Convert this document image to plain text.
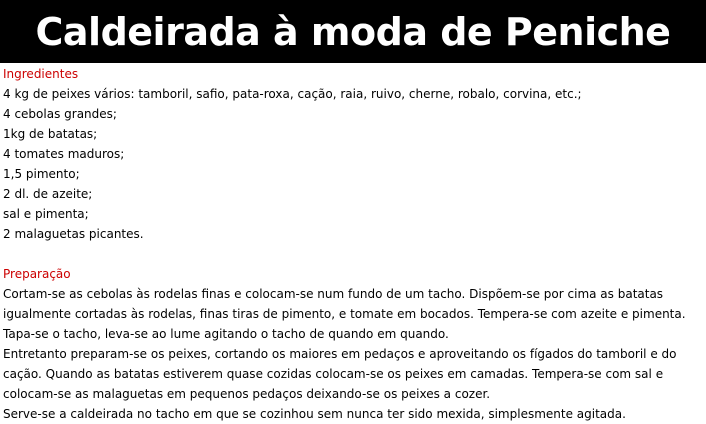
Caldeirada à moda de Peniche
Ingredientes
4 kg de peixes vários: tamboril, safio, pata-roxa, cação, raia, ruivo, cherne, robalo, corvina, etc.;
4 cebolas grandes;
1kg de batatas;
4 tomates maduros;
1,5 pimento;
2 dl. de azeite;
sal e pimenta;
2 malaguetas picantes.
Preparação
Cortam-se as cebolas às rodelas finas e colocam-se num fundo de um tacho. Dispõem-se por cima as batatas
igualmente cortadas às rodelas, finas tiras de pimento, e tomate em bocados. Tempera-se com azeite e pimenta.
Tapa-se o tacho, leva-se ao lume agitando o tacho de quando em quando.
Entretanto preparam-se os peixes, cortando os maiores em pedaços e aproveitando os fígados do tamboril e do
cação. Quando as batatas estiverem quase cozidas colocam-se os peixes em camadas. Tempera-se com sal e
colocam-se as malaguetas em pequenos pedaços deixando-se os peixes a cozer.
Serve-se a caldeirada no tacho em que se cozinhou sem nunca ter sido mexida, simplesmente agitada.
